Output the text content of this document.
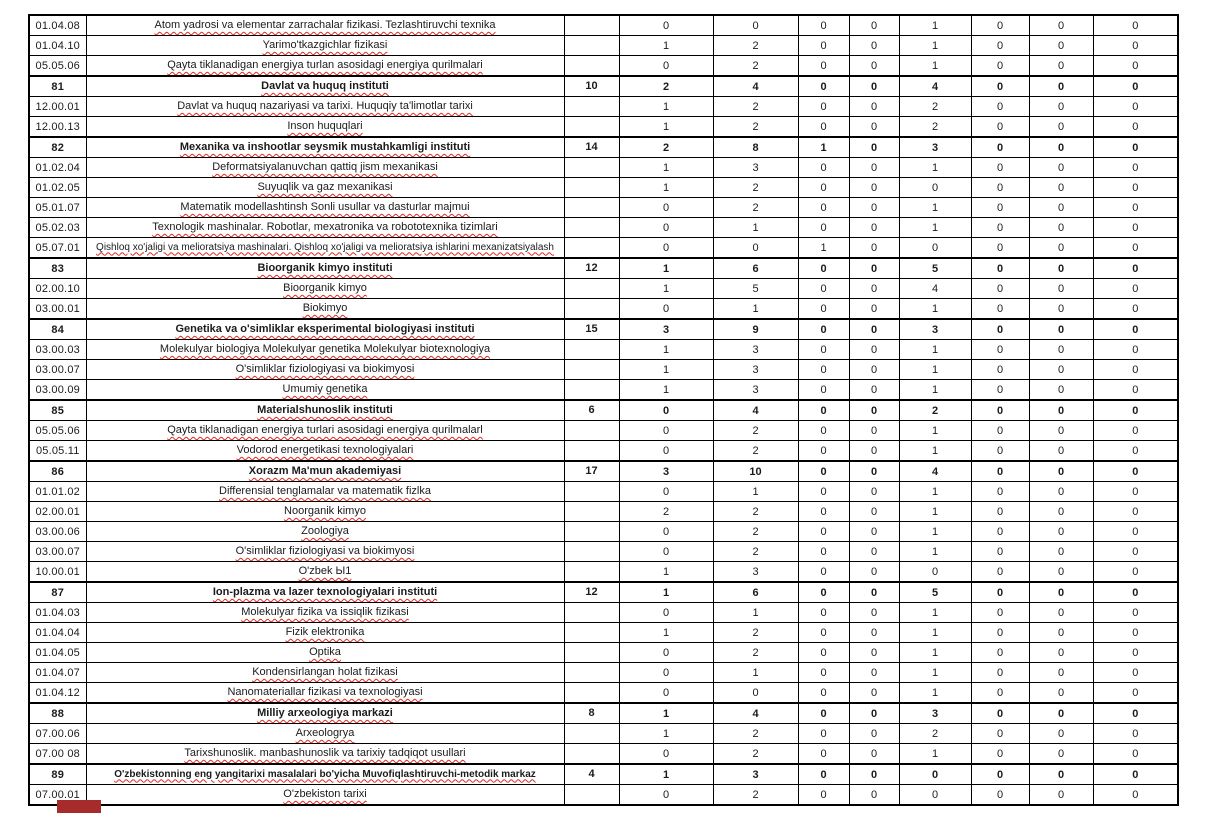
01.04.08	Atom yadrosi va elementar zarrachalar fizikasi. Tezlashtiruvchi texnika		0	0	0	0	1	0	0	0
01.04.10	Yarimo'tkazgichlar fizikasi		1	2	0	0	1	0	0	0
05.05.06	Qayta tiklanadigan energiya turlan asosidagi energiya qurilmalari		0	2	0	0	1	0	0	0
81	Davlat va huquq instituti	10	2	4	0	0	4	0	0	0
12.00.01	Davlat va huquq nazariyasi va tarixi. Huquqiy ta'limotlar tarixi		1	2	0	0	2	0	0	0
12.00.13	Inson huquqlari		1	2	0	0	2	0	0	0
82	Mexanika va inshootlar seysmik mustahkamligi instituti	14	2	8	1	0	3	0	0	0
01.02.04	Deformatsiyalanuvchan qattiq jism mexanikasi		1	3	0	0	1	0	0	0
01.02.05	Suyuqlik va gaz mexanikasi		1	2	0	0	0	0	0	0
05.01.07	Matematik modellashtinsh Sonli usullar va dasturlar majmui		0	2	0	0	1	0	0	0
05.02.03	Texnologik mashinalar. Robotlar, mexatronika va robototexnika tizimlari		0	1	0	0	1	0	0	0
05.07.01	Qishloq xo'jaligi va melioratsiya mashinalari. Qishloq xo'jaligi va melioratsiya ishlarini mexanizatsiyalash		0	0	1	0	0	0	0	0
83	Bioorganik kimyo instituti	12	1	6	0	0	5	0	0	0
02.00.10	Bioorganik kimyo		1	5	0	0	4	0	0	0
03.00.01	Biokimyo		0	1	0	0	1	0	0	0
84	Genetika va o'simliklar eksperimental biologiyasi instituti	15	3	9	0	0	3	0	0	0
03.00.03	Molekulyar biologiya Molekulyar genetika Molekulyar biotexnologiya		1	3	0	0	1	0	0	0
03.00.07	O'simliklar fiziologiyasi va biokimyosi		1	3	0	0	1	0	0	0
03.00.09	Umumiy genetika		1	3	0	0	1	0	0	0
85	Materialshunoslik instituti	6	0	4	0	0	2	0	0	0
05.05.06	Qayta tiklanadigan energiya turlari asosidagi energiya qurilmalarl		0	2	0	0	1	0	0	0
05.05.11	Vodorod energetikasi texnologiyalari		0	2	0	0	1	0	0	0
86	Xorazm Ma'mun akademiyasi	17	3	10	0	0	4	0	0	0
01.01.02	Differensial tenglamalar va matematik fizlka		0	1	0	0	1	0	0	0
02.00.01	Noorganik kimyo		2	2	0	0	1	0	0	0
03.00.06	Zoologiya		0	2	0	0	1	0	0	0
03.00.07	O'simliklar fiziologiyasi va biokimyosi		0	2	0	0	1	0	0	0
10.00.01	O'zbek Ы1		1	3	0	0	0	0	0	0
87	Ion-plazma va lazer texnologiyalari instituti	12	1	6	0	0	5	0	0	0
01.04.03	Molekulyar fizika va issiqlik fizikasi		0	1	0	0	1	0	0	0
01.04.04	Fizik elektronika		1	2	0	0	1	0	0	0
01.04.05	Optika		0	2	0	0	1	0	0	0
01.04.07	Kondensirlangan holat fizikasi		0	1	0	0	1	0	0	0
01.04.12	Nanomateriallar fizikasi va texnologiyasi		0	0	0	0	1	0	0	0
88	Milliy arxeologiya markazi	8	1	4	0	0	3	0	0	0
07.00.06	Arxeologrya		1	2	0	0	2	0	0	0
07.00 08	Tarixshunoslik. manbashunoslik va tarixiy tadqiqot usullari		0	2	0	0	1	0	0	0
89	O'zbekistonning eng yangitarixi masalalari bo'yicha Muvofiqlashtiruvchi-metodik markaz	4	1	3	0	0	0	0	0	0
07.00.01	O'zbekiston tarixi		0	2	0	0	0	0	0	0
